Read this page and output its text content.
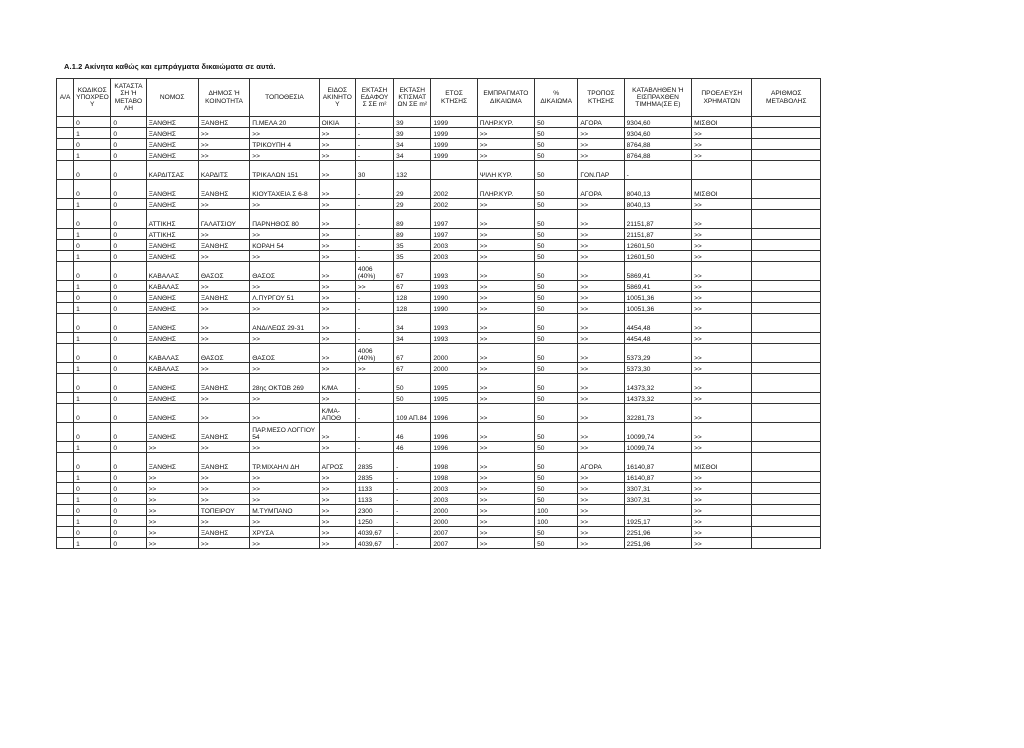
Α.1.2 Ακίνητα καθώς και εμπράγματα δικαιώματα σε αυτά.
Α/Α	ΚΩΔΙΚΟΣ ΥΠΟΧΡΕΟ Υ	ΚΑΤΑΣΤΑ ΣΗ Ή ΜΕΤΑΒΟ ΛΗ	ΝΟΜΟΣ	ΔΗΜΟΣ Ή ΚΟΙΝΟΤΗΤΑ	ΤΟΠΟΘΕΣΙΑ	ΕΙΔΟΣ ΑΚΙΝΗΤΟ Υ	ΕΚΤΑΣΗ ΕΔΑΦΟΥ Σ ΣΕ m²	ΕΚΤΑΣΗ ΚΤΙΣΜΑΤ ΩΝ ΣΕ m²	ΕΤΟΣ ΚΤΗΣΗΣ	ΕΜΠΡΑΓΜΑΤΟ ΔΙΚΑΙΩΜΑ	% ΔΙΚΑΙΩΜΑ	ΤΡΟΠΟΣ ΚΤΗΣΗΣ	ΚΑΤΑΒΛΗΘΕΝ Ή ΕΙΣΠΡΑΧΘΕΝ ΤΙΜΗΜΑ(ΣΕ Ε)	ΠΡΟΕΛΕΥΣΗ ΧΡΗΜΑΤΩΝ	ΑΡΙΘΜΟΣ ΜΕΤΑΒΟΛΗΣ
	0	0	ΞΑΝΘΗΣ	ΞΑΝΘΗΣ	Π.ΜΕΛΑ 20	ΟΙΚΙΑ	-	39	1999	ΠΛΗΡ.ΚΥΡ.	50	ΑΓΟΡΑ	9304,60	ΜΙΣΘΟΙ	
	1	0	ΞΑΝΘΗΣ	>>	>>	>>	-	39	1999	>>	50	>>	9304,60	>>	
	0	0	ΞΑΝΘΗΣ	>>	ΤΡΙΚΟΥΠΗ 4	>>	-	34	1999	>>	50	>>	8764,88	>>	
	1	0	ΞΑΝΘΗΣ	>>	>>	>>	-	34	1999	>>	50	>>	8764,88	>>	
	0	0	ΚΑΡΔΙΤΣΑΣ	ΚΑΡΔΙΤΣ	ΤΡΙΚΑΛΩΝ 151	>>	30	132		ΨΙΛΗ ΚΥΡ.	50	ΓΟΝ.ΠΑΡ	-		
	0	0	ΞΑΝΘΗΣ	ΞΑΝΘΗΣ	ΚΙΟΥΤΑΧΕΙΑ Σ 6-8	>>	-	29	2002	ΠΛΗΡ.ΚΥΡ.	50	ΑΓΟΡΑ	8040,13	ΜΙΣΘΟΙ	
	1	0	ΞΑΝΘΗΣ	>>	>>	>>	-	29	2002	>>	50	>>	8040,13	>>	
	0	0	ΑΤΤΙΚΗΣ	ΓΑΛΑΤΣΙΟΥ	ΠΑΡΝΗΘΟΣ 80	>>	-	89	1997	>>	50	>>	21151,87	>>	
	1	0	ΑΤΤΙΚΗΣ	>>	>>	>>	-	89	1997	>>	50	>>	21151,87	>>	
	0	0	ΞΑΝΘΗΣ	ΞΑΝΘΗΣ	ΚΟΡΑΗ 54	>>	-	35	2003	>>	50	>>	12601,50	>>	
	1	0	ΞΑΝΘΗΣ	>>	>>	>>	-	35	2003	>>	50	>>	12601,50	>>	
	0	0	ΚΑΒΑΛΑΣ	ΘΑΣΟΣ	ΘΑΣΟΣ	>>	4006 (40%)	67	1993	>>	50	>>	5869,41	>>	
	1	0	ΚΑΒΑΛΑΣ	>>	>>	>>	>>	67	1993	>>	50	>>	5869,41	>>	
	0	0	ΞΑΝΘΗΣ	ΞΑΝΘΗΣ	Λ.ΠΥΡΓΟΥ 51	>>	-	128	1990	>>	50	>>	10051,36	>>	
	1	0	ΞΑΝΘΗΣ	>>	>>	>>	-	128	1990	>>	50	>>	10051,36	>>	
	0	0	ΞΑΝΘΗΣ	>>	ΑΝΔ/ΛΕΩΣ 29-31	>>	-	34	1993	>>	50	>>	4454,48	>>	
	1	0	ΞΑΝΘΗΣ	>>	>>	>>	-	34	1993	>>	50	>>	4454,48	>>	
	0	0	ΚΑΒΑΛΑΣ	ΘΑΣΟΣ	ΘΑΣΟΣ	>>	4006 (40%)	67	2000	>>	50	>>	5373,29	>>	
	1	0	ΚΑΒΑΛΑΣ	>>	>>	>>	>>	67	2000	>>	50	>>	5373,30	>>	
	0	0	ΞΑΝΘΗΣ	ΞΑΝΘΗΣ	28ης ΟΚΤΩΒ 269	Κ/ΜΑ	-	50	1995	>>	50	>>	14373,32	>>	
	1	0	ΞΑΝΘΗΣ	>>	>>	>>	-	50	1995	>>	50	>>	14373,32	>>	
	0	0	ΞΑΝΘΗΣ	>>	>>	Κ/ΜΑ-ΑΠΟΘ	-	109 ΑΠ.84	1996	>>	50	>>	32281,73	>>	
	0	0	ΞΑΝΘΗΣ	ΞΑΝΘΗΣ	ΠΑΡ.ΜΕΣΟ ΛΟΓΓΙΟΥ 54	>>	-	46	1996	>>	50	>>	10099,74	>>	
	1	0	>>	>>	>>	>>	-	46	1996	>>	50	>>	10099,74	>>	
	0	0	ΞΑΝΘΗΣ	ΞΑΝΘΗΣ	ΤΡ.ΜΙΧΑΗΛΙ ΔΗ	ΑΓΡΟΣ	2835	-	1998	>>	50	ΑΓΟΡΑ	16140,87	ΜΙΣΘΟΙ	
	1	0	>>	>>	>>	>>	2835	-	1998	>>	50	>>	16140,87	>>	
	0	0	>>	>>	>>	>>	1133	-	2003	>>	50	>>	3307,31	>>	
	1	0	>>	>>	>>	>>	1133	-	2003	>>	50	>>	3307,31	>>	
	0	0	>>	ΤΟΠΕΙΡΟΥ	Μ.ΤΥΜΠΑΝΟ	>>	2300	-	2000	>>	100	>>		>>	
	1	0	>>	>>	>>	>>	1250	-	2000	>>	100	>>	1925,17	>>	
	0	0	>>	ΞΑΝΘΗΣ	ΧΡΥΣΑ	>>	4039,67	-	2007	>>	50	>>	2251,96	>>	
	1	0	>>	>>	>>	>>	4039,67	-	2007	>>	50	>>	2251,96	>>	
